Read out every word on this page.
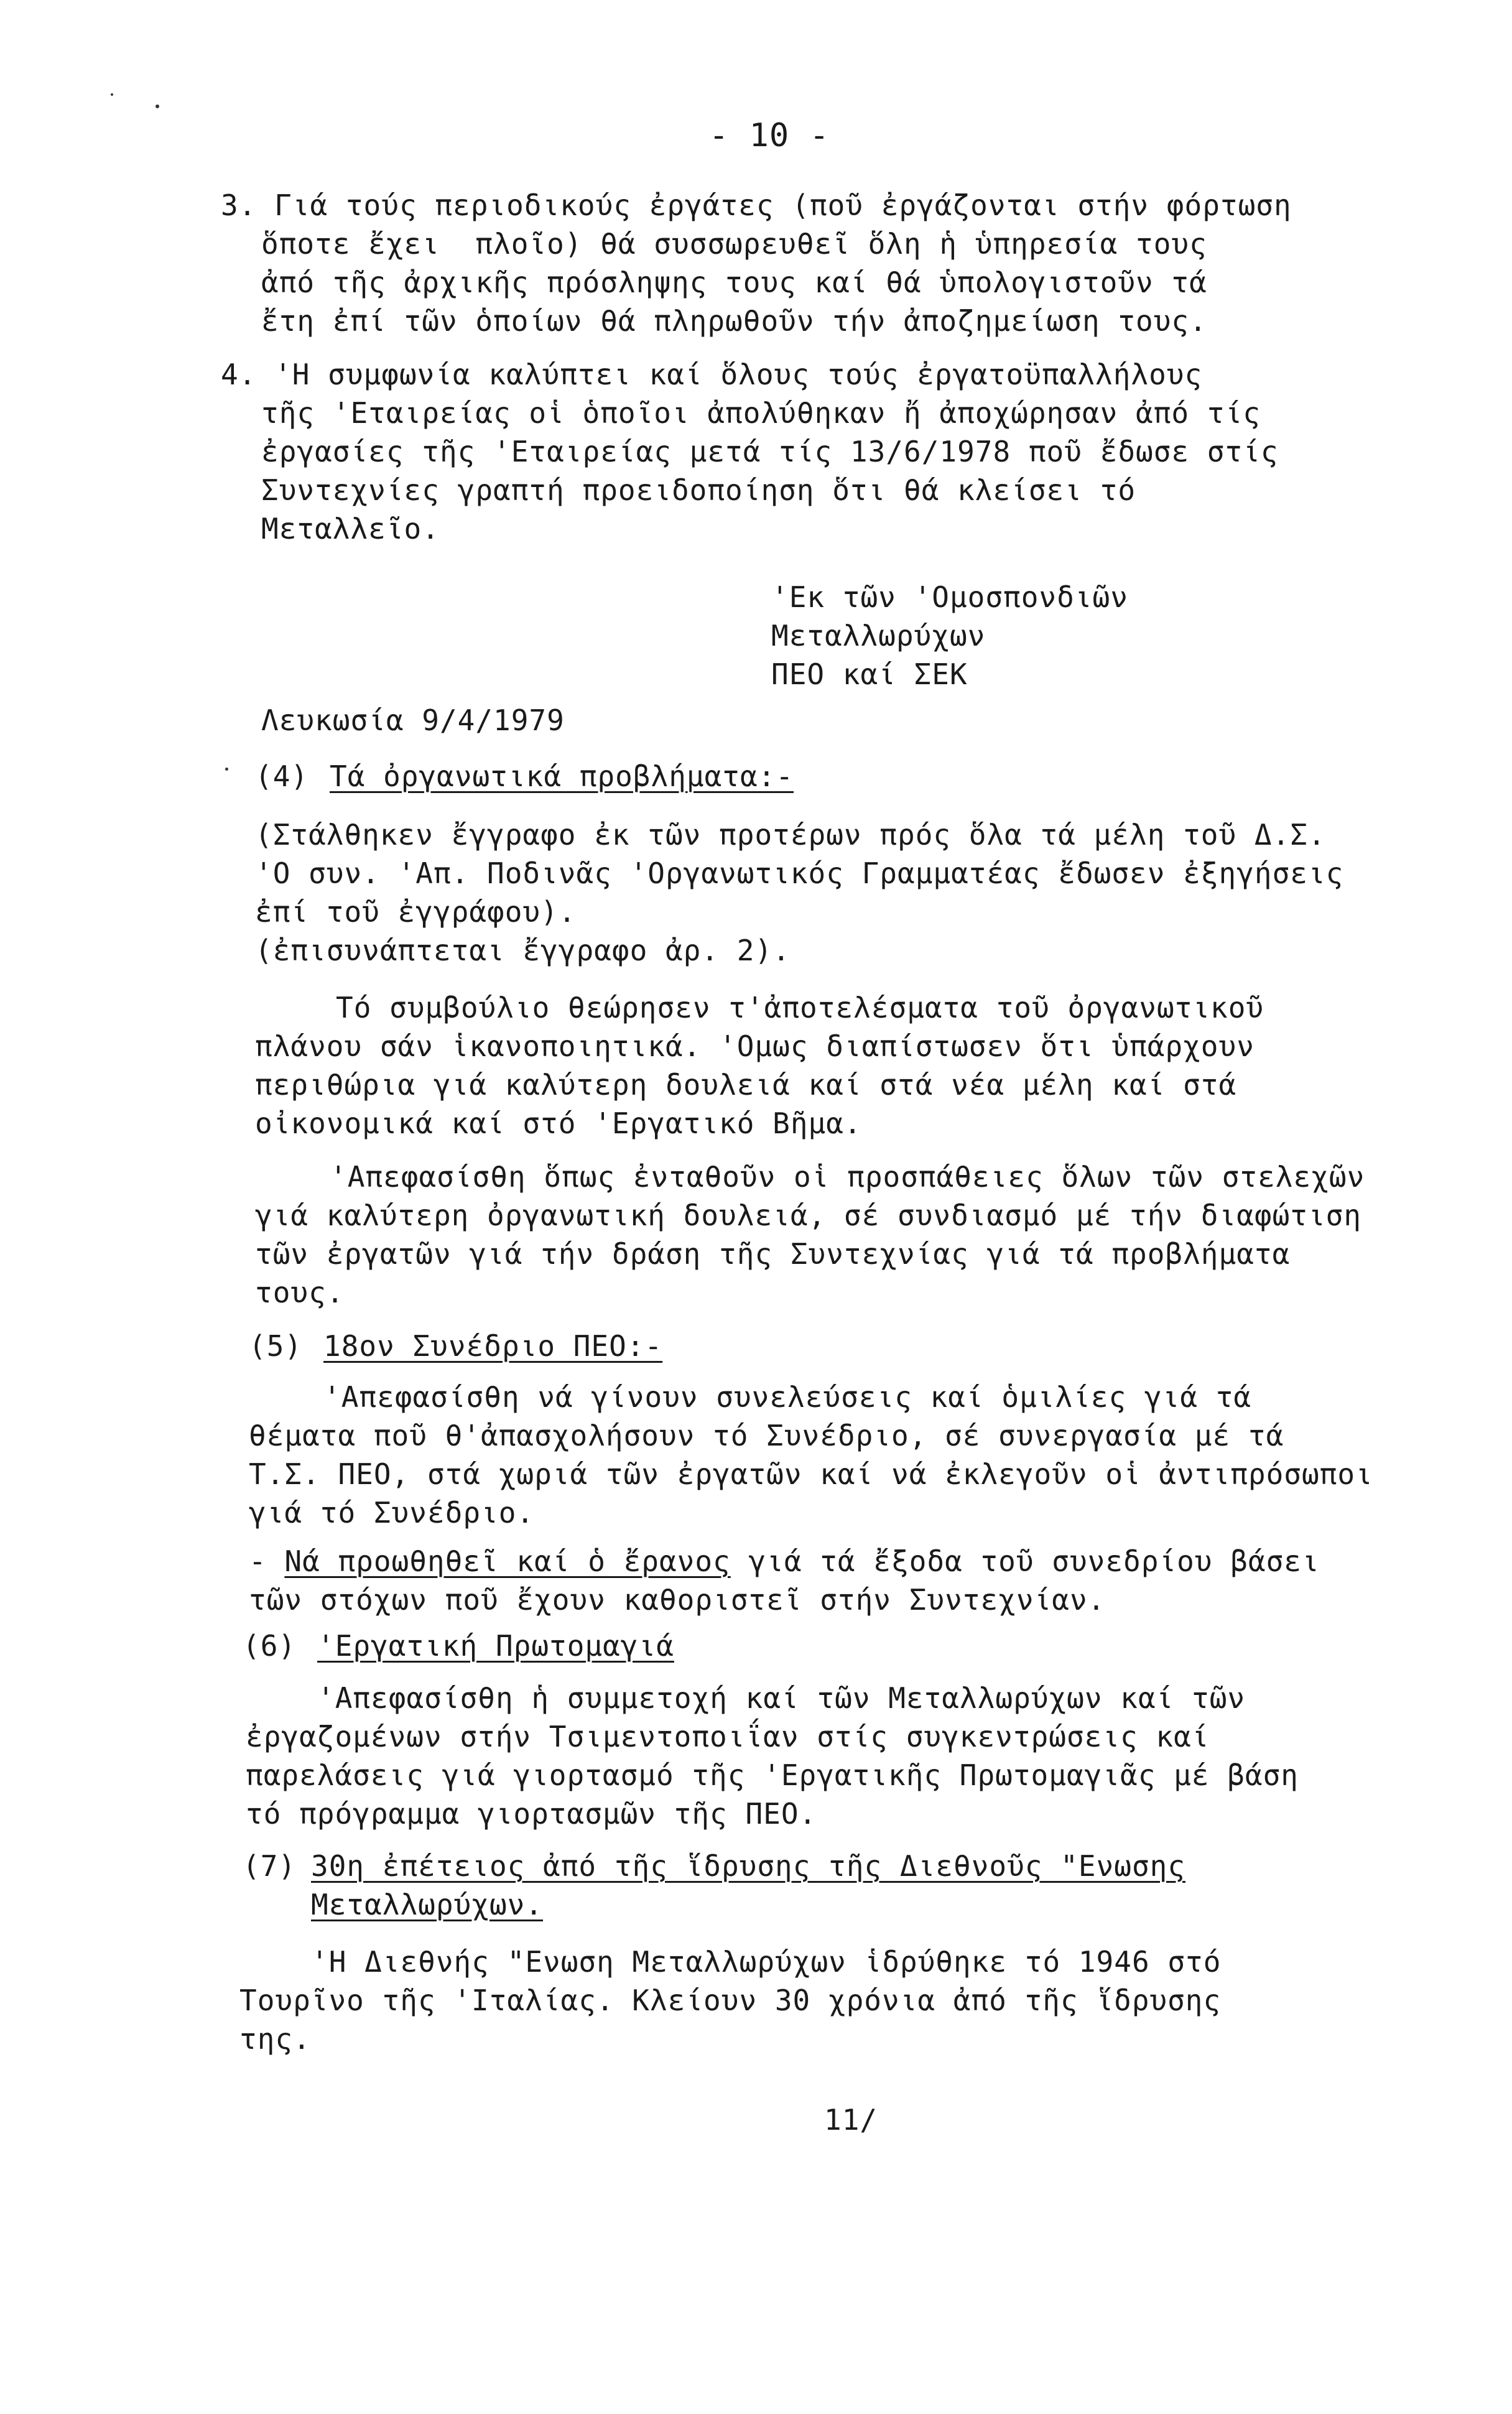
- 10 -
3. Γιά τούς περιοδικούς ἐργάτες (ποῦ ἐργάζονται στήν φόρτωση
ὅποτε ἔχει  πλοῖο) θά συσσωρευθεῖ ὅλη ἡ ὑπηρεσία τους
ἀπό τῆς ἀρχικῆς πρόσληψης τους καί θά ὑπολογιστοῦν τά
ἔτη ἐπί τῶν ὁποίων θά πληρωθοῦν τήν ἀποζημείωση τους.
4. 'Η συμφωνία καλύπτει καί ὅλους τούς ἐργατοϋπαλλήλους
τῆς 'Εταιρείας οἱ ὁποῖοι ἀπολύθηκαν ἤ ἀποχώρησαν ἀπό τίς
ἐργασίες τῆς 'Εταιρείας μετά τίς 13/6/1978 ποῦ ἔδωσε στίς
Συντεχνίες γραπτή προειδοποίηση ὅτι θά κλείσει τό
Μεταλλεῖο.
'Εκ τῶν 'Ομοσπονδιῶν
Μεταλλωρύχων
ΠΕΟ καί ΣΕΚ
Λευκωσία 9/4/1979
(4) Τά ὀργανωτικά προβλήματα:-
(Στάλθηκεν ἔγγραφο ἐκ τῶν προτέρων πρός ὅλα τά μέλη τοῦ Δ.Σ.
'Ο συν. 'Απ. Ποδινᾶς 'Οργανωτικός Γραμματέας ἔδωσεν ἐξηγήσεις
ἐπί τοῦ ἐγγράφου).
(ἐπισυνάπτεται ἔγγραφο ἀρ. 2).
Τό συμβούλιο θεώρησεν τ'ἀποτελέσματα τοῦ ὀργανωτικοῦ
πλάνου σάν ἱκανοποιητικά. 'Ομως διαπίστωσεν ὅτι ὑπάρχουν
περιθώρια γιά καλύτερη δουλειά καί στά νέα μέλη καί στά
οἰκονομικά καί στό 'Εργατικό Βῆμα.
'Απεφασίσθη ὅπως ἐνταθοῦν οἱ προσπάθειες ὅλων τῶν στελεχῶν
γιά καλύτερη ὀργανωτική δουλειά, σέ συνδιασμό μέ τήν διαφώτιση
τῶν ἐργατῶν γιά τήν δράση τῆς Συντεχνίας γιά τά προβλήματα
τους.
(5) 18ον Συνέδριο ΠΕΟ:-
'Απεφασίσθη νά γίνουν συνελεύσεις καί ὁμιλίες γιά τά
θέματα ποῦ θ'ἀπασχολήσουν τό Συνέδριο, σέ συνεργασία μέ τά
Τ.Σ. ΠΕΟ, στά χωριά τῶν ἐργατῶν καί νά ἐκλεγοῦν οἱ ἀντιπρόσωποι
γιά τό Συνέδριο.
- Νά προωθηθεῖ καί ὁ ἔρανος γιά τά ἔξοδα τοῦ συνεδρίου βάσει
τῶν στόχων ποῦ ἔχουν καθοριστεῖ στήν Συντεχνίαν.
(6) 'Εργατική Πρωτομαγιά
'Απεφασίσθη ἡ συμμετοχή καί τῶν Μεταλλωρύχων καί τῶν
ἐργαζομένων στήν Τσιμεντοποιΐαν στίς συγκεντρώσεις καί
παρελάσεις γιά γιορτασμό τῆς 'Εργατικῆς Πρωτομαγιᾶς μέ βάση
τό πρόγραμμα γιορτασμῶν τῆς ΠΕΟ.
(7) 30η ἐπέτειος ἀπό τῆς ἵδρυσης τῆς Διεθνοῦς "Ενωσης
Μεταλλωρύχων.
'Η Διεθνής "Ενωση Μεταλλωρύχων ἱδρύθηκε τό 1946 στό
Τουρῖνο τῆς 'Ιταλίας. Κλείουν 30 χρόνια ἀπό τῆς ἵδρυσης
της.
11/
